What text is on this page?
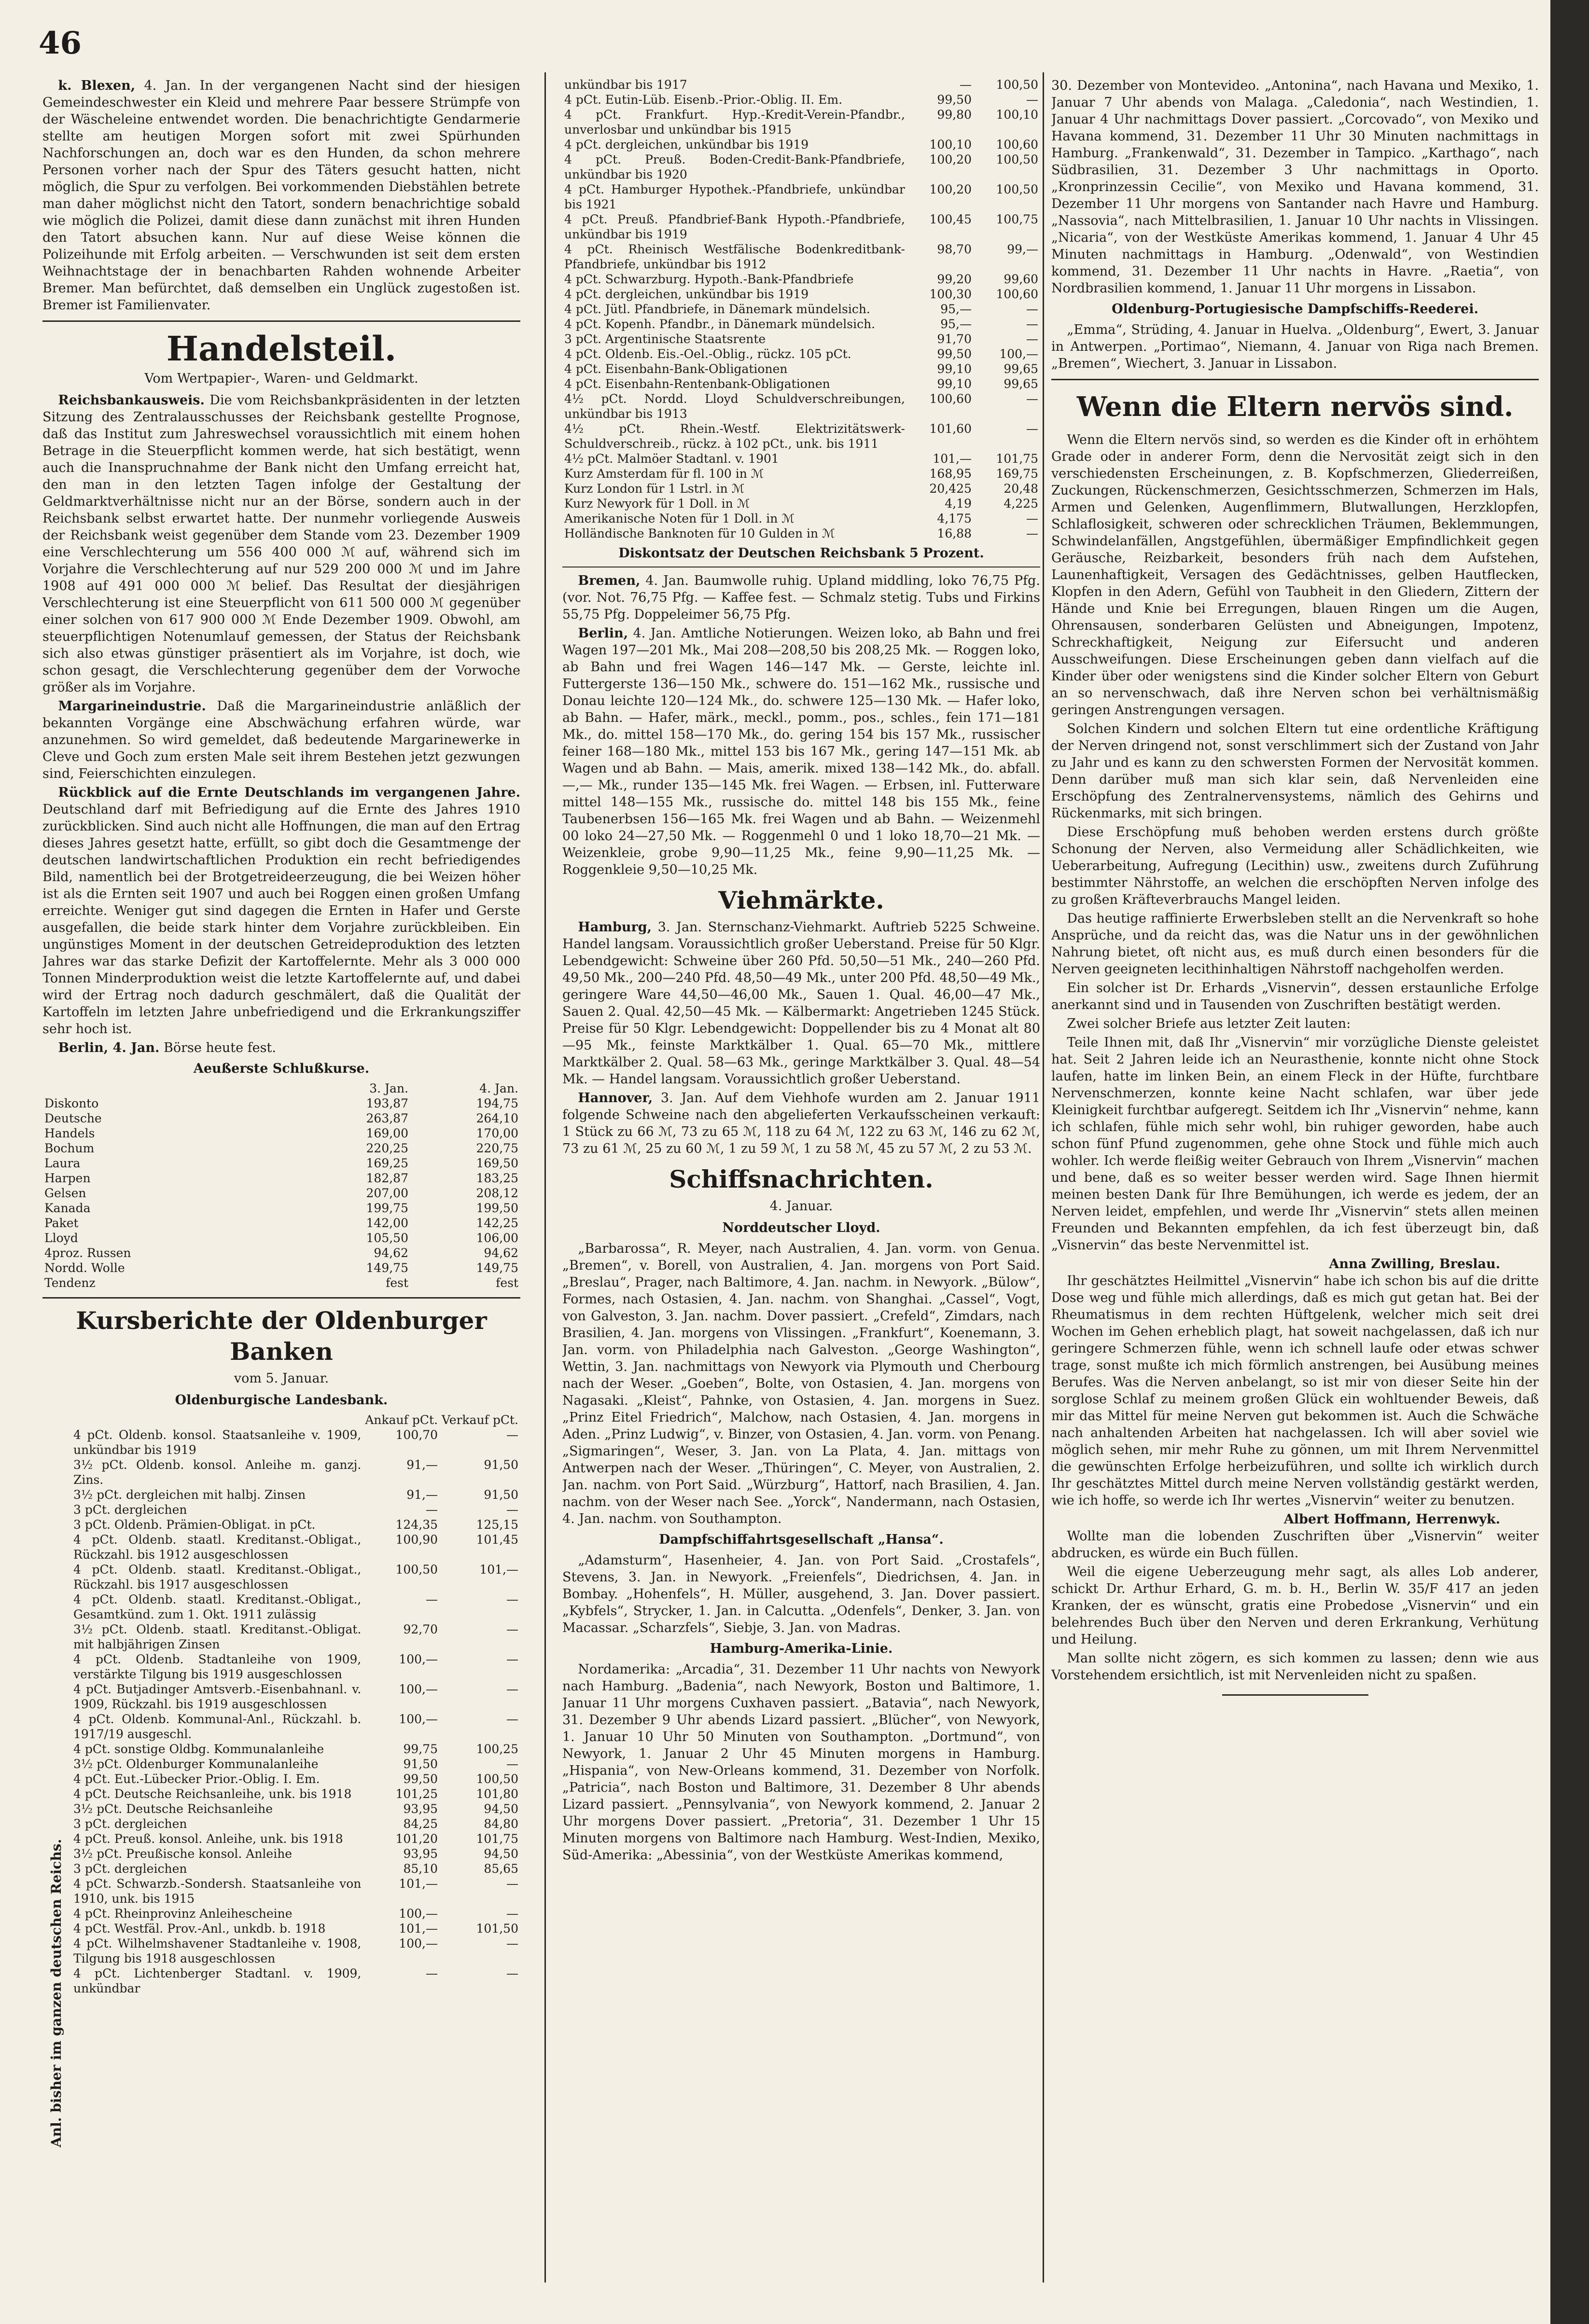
46

k. Blexen, 4. Jan. In der vergangenen Nacht sind der hiesigen Gemeindeschwester ein Kleid und mehrere Paar bessere Strümpfe von der Wäscheleine entwendet worden. Die benachrichtigte Gendarmerie stellte am heutigen Morgen sofort mit zwei Spürhunden Nachforschungen an, doch war es den Hunden, da schon mehrere Personen vorher nach der Spur des Täters gesucht hatten, nicht möglich, die Spur zu verfolgen. Bei vorkommenden Diebstählen betrete man daher möglichst nicht den Tatort, sondern benachrichtige sobald wie möglich die Polizei, damit diese dann zunächst mit ihren Hunden den Tatort absuchen kann. Nur auf diese Weise können die Polizeihunde mit Erfolg arbeiten. — Verschwunden ist seit dem ersten Weihnachtstage der in benachbarten Rahden wohnende Arbeiter Bremer. Man befürchtet, daß demselben ein Unglück zugestoßen ist. Bremer ist Familienvater.

Handelsteil.
Vom Wertpapier-, Waren- und Geldmarkt.

Reichsbankausweis. Die vom Reichsbankpräsidenten in der letzten Sitzung des Zentralausschusses der Reichsbank gestellte Prognose, daß das Institut zum Jahreswechsel voraussichtlich mit einem hohen Betrage in die Steuerpflicht kommen werde, hat sich bestätigt, wenn auch die Inanspruchnahme der Bank nicht den Umfang erreicht hat, den man in den letzten Tagen infolge der Gestaltung der Geldmarktverhältnisse nicht nur an der Börse, sondern auch in der Reichsbank selbst erwartet hatte. Der nunmehr vorliegende Ausweis der Reichsbank weist gegenüber dem Stande vom 23. Dezember 1909 eine Verschlechterung um 556 400 000 ℳ auf, während sich im Vorjahre die Verschlechterung auf nur 529 200 000 ℳ und im Jahre 1908 auf 491 000 000 ℳ belief. Das Resultat der diesjährigen Verschlechterung ist eine Steuerpflicht von 611 500 000 ℳ gegenüber einer solchen von 617 900 000 ℳ Ende Dezember 1909. Obwohl, am steuerpflichtigen Notenumlauf gemessen, der Status der Reichsbank sich also etwas günstiger präsentiert als im Vorjahre, ist doch, wie schon gesagt, die Verschlechterung gegenüber dem der Vorwoche größer als im Vorjahre.

Margarineindustrie. Daß die Margarineindustrie anläßlich der bekannten Vorgänge eine Abschwächung erfahren würde, war anzunehmen. So wird gemeldet, daß bedeutende Margarinewerke in Cleve und Goch zum ersten Male seit ihrem Bestehen jetzt gezwungen sind, Feierschichten einzulegen.

Rückblick auf die Ernte Deutschlands im vergangenen Jahre. Deutschland darf mit Befriedigung auf die Ernte des Jahres 1910 zurückblicken. Sind auch nicht alle Hoffnungen, die man auf den Ertrag dieses Jahres gesetzt hatte, erfüllt, so gibt doch die Gesamtmenge der deutschen landwirtschaftlichen Produktion ein recht befriedigendes Bild, namentlich bei der Brotgetreideerzeugung, die bei Weizen höher ist als die Ernten seit 1907 und auch bei Roggen einen großen Umfang erreichte. Weniger gut sind dagegen die Ernten in Hafer und Gerste ausgefallen, die beide stark hinter dem Vorjahre zurückbleiben. Ein ungünstiges Moment in der deutschen Getreideproduktion des letzten Jahres war das starke Defizit der Kartoffelernte. Mehr als 3 000 000 Tonnen Minderproduktion weist die letzte Kartoffelernte auf, und dabei wird der Ertrag noch dadurch geschmälert, daß die Qualität der Kartoffeln im letzten Jahre unbefriedigend und die Erkrankungsziffer sehr hoch ist.

Berlin, 4. Jan. Börse heute fest.

Aeußerste Schlußkurse.
	3. Jan.	4. Jan.
Diskonto	193,87	194,75
Deutsche	263,87	264,10
Handels	169,00	170,00
Bochum	220,25	220,75
Laura	169,25	169,50
Harpen	182,87	183,25
Gelsen	207,00	208,12
Kanada	199,75	199,50
Paket	142,00	142,25
Lloyd	105,50	106,00
4proz. Russen	94,62	94,62
Nordd. Wolle	149,75	149,75
Tendenz	fest	fest
Kursberichte der Oldenburger Banken
vom 5. Januar.
Oldenburgische Landesbank.
	Ankauf pCt.	Verkauf pCt.
4 pCt. Oldenb. konsol. Staatsanleihe v. 1909, unkündbar bis 1919	100,70	—
3½ pCt. Oldenb. konsol. Anleihe m. ganzj. Zins.	91,—	91,50
3½ pCt. dergleichen mit halbj. Zinsen	91,—	91,50
3 pCt. dergleichen	—	—
3 pCt. Oldenb. Prämien-Obligat. in pCt.	124,35	125,15
4 pCt. Oldenb. staatl. Kreditanst.-Obligat., Rückzahl. bis 1912 ausgeschlossen	100,90	101,45
4 pCt. Oldenb. staatl. Kreditanst.-Obligat., Rückzahl. bis 1917 ausgeschlossen	100,50	101,—
4 pCt. Oldenb. staatl. Kreditanst.-Obligat., Gesamtkünd. zum 1. Okt. 1911 zulässig	—	—
3½ pCt. Oldenb. staatl. Kreditanst.-Obligat. mit halbjährigen Zinsen	92,70	—
4 pCt. Oldenb. Stadtanleihe von 1909, verstärkte Tilgung bis 1919 ausgeschlossen	100,—	—
4 pCt. Butjadinger Amtsverb.-Eisenbahnanl. v. 1909, Rückzahl. bis 1919 ausgeschlossen	100,—	—
4 pCt. Oldenb. Kommunal-Anl., Rückzahl. b. 1917/19 ausgeschl.	100,—	—
4 pCt. sonstige Oldbg. Kommunalanleihe	99,75	100,25
3½ pCt. Oldenburger Kommunalanleihe	91,50	—
4 pCt. Eut.-Lübecker Prior.-Oblig. I. Em.	99,50	100,50
4 pCt. Deutsche Reichsanleihe, unk. bis 1918	101,25	101,80
3½ pCt. Deutsche Reichsanleihe	93,95	94,50
3 pCt. dergleichen	84,25	84,80
4 pCt. Preuß. konsol. Anleihe, unk. bis 1918	101,20	101,75
3½ pCt. Preußische konsol. Anleihe	93,95	94,50
3 pCt. dergleichen	85,10	85,65
4 pCt. Schwarzb.-Sondersh. Staatsanleihe von 1910, unk. bis 1915	101,—	—
4 pCt. Rheinprovinz Anleihescheine	100,—	—
4 pCt. Westfäl. Prov.-Anl., unkdb. b. 1918	101,—	101,50
4 pCt. Wilhelmshavener Stadtanleihe v. 1908, Tilgung bis 1918 ausgeschlossen	100,—	—
4 pCt. Lichtenberger Stadtanl. v. 1909, unkündbar	—	—
Anl. bisher im ganzen deutschen Reichs.
unkündbar bis 1917	—	100,50
4 pCt. Eutin-Lüb. Eisenb.-Prior.-Oblig. II. Em.	99,50	—
4 pCt. Frankfurt. Hyp.-Kredit-Verein-Pfandbr., unverlosbar und unkündbar bis 1915	99,80	100,10
4 pCt. dergleichen, unkündbar bis 1919	100,10	100,60
4 pCt. Preuß. Boden-Credit-Bank-Pfandbriefe, unkündbar bis 1920	100,20	100,50
4 pCt. Hamburger Hypothek.-Pfandbriefe, unkündbar bis 1921	100,20	100,50
4 pCt. Preuß. Pfandbrief-Bank Hypoth.-Pfandbriefe, unkündbar bis 1919	100,45	100,75
4 pCt. Rheinisch Westfälische Bodenkreditbank-Pfandbriefe, unkündbar bis 1912	98,70	99,—
4 pCt. Schwarzburg. Hypoth.-Bank-Pfandbriefe	99,20	99,60
4 pCt. dergleichen, unkündbar bis 1919	100,30	100,60
4 pCt. Jütl. Pfandbriefe, in Dänemark mündelsich.	95,—	—
4 pCt. Kopenh. Pfandbr., in Dänemark mündelsich.	95,—	—
3 pCt. Argentinische Staatsrente	91,70	—
4 pCt. Oldenb. Eis.-Oel.-Oblig., rückz. 105 pCt.	99,50	100,—
4 pCt. Eisenbahn-Bank-Obligationen	99,10	99,65
4 pCt. Eisenbahn-Rentenbank-Obligationen	99,10	99,65
4½ pCt. Nordd. Lloyd Schuldverschreibungen, unkündbar bis 1913	100,60	—
4½ pCt. Rhein.-Westf. Elektrizitätswerk-Schuldverschreib., rückz. à 102 pCt., unk. bis 1911	101,60	—
4½ pCt. Malmöer Stadtanl. v. 1901	101,—	101,75
Kurz Amsterdam für fl. 100 in ℳ	168,95	169,75
Kurz London für 1 Lstrl. in ℳ	20,425	20,48
Kurz Newyork für 1 Doll. in ℳ	4,19	4,225
Amerikanische Noten für 1 Doll. in ℳ	4,175	—
Holländische Banknoten für 10 Gulden in ℳ	16,88	—
Diskontsatz der Deutschen Reichsbank 5 Prozent.

Bremen, 4. Jan. Baumwolle ruhig. Upland middling, loko 76,75 Pfg. (vor. Not. 76,75 Pfg. — Kaffee fest. — Schmalz stetig. Tubs und Firkins 55,75 Pfg. Doppeleimer 56,75 Pfg.

Berlin, 4. Jan. Amtliche Notierungen. Weizen loko, ab Bahn und frei Wagen 197—201 Mk., Mai 208—208,50 bis 208,25 Mk. — Roggen loko, ab Bahn und frei Wagen 146—147 Mk. — Gerste, leichte inl. Futtergerste 136—150 Mk., schwere do. 151—162 Mk., russische und Donau leichte 120—124 Mk., do. schwere 125—130 Mk. — Hafer loko, ab Bahn. — Hafer, märk., meckl., pomm., pos., schles., fein 171—181 Mk., do. mittel 158—170 Mk., do. gering 154 bis 157 Mk., russischer feiner 168—180 Mk., mittel 153 bis 167 Mk., gering 147—151 Mk. ab Wagen und ab Bahn. — Mais, amerik. mixed 138—142 Mk., do. abfall. —,— Mk., runder 135—145 Mk. frei Wagen. — Erbsen, inl. Futterware mittel 148—155 Mk., russische do. mittel 148 bis 155 Mk., feine Taubenerbsen 156—165 Mk. frei Wagen und ab Bahn. — Weizenmehl 00 loko 24—27,50 Mk. — Roggenmehl 0 und 1 loko 18,70—21 Mk. — Weizenkleie, grobe 9,90—11,25 Mk., feine 9,90—11,25 Mk. — Roggenkleie 9,50—10,25 Mk.

Viehmärkte.

Hamburg, 3. Jan. Sternschanz-Viehmarkt. Auftrieb 5225 Schweine. Handel langsam. Voraussichtlich großer Ueberstand. Preise für 50 Klgr. Lebendgewicht: Schweine über 260 Pfd. 50,50—51 Mk., 240—260 Pfd. 49,50 Mk., 200—240 Pfd. 48,50—49 Mk., unter 200 Pfd. 48,50—49 Mk., geringere Ware 44,50—46,00 Mk., Sauen 1. Qual. 46,00—47 Mk., Sauen 2. Qual. 42,50—45 Mk. — Kälbermarkt: Angetrieben 1245 Stück. Preise für 50 Klgr. Lebendgewicht: Doppellender bis zu 4 Monat alt 80—95 Mk., feinste Marktkälber 1. Qual. 65—70 Mk., mittlere Marktkälber 2. Qual. 58—63 Mk., geringe Marktkälber 3. Qual. 48—54 Mk. — Handel langsam. Voraussichtlich großer Ueberstand.

Hannover, 3. Jan. Auf dem Viehhofe wurden am 2. Januar 1911 folgende Schweine nach den abgelieferten Verkaufsscheinen verkauft: 1 Stück zu 66 ℳ, 73 zu 65 ℳ, 118 zu 64 ℳ, 122 zu 63 ℳ, 146 zu 62 ℳ, 73 zu 61 ℳ, 25 zu 60 ℳ, 1 zu 59 ℳ, 1 zu 58 ℳ, 45 zu 57 ℳ, 2 zu 53 ℳ.

Schiffsnachrichten.
4. Januar.
Norddeutscher Lloyd.

„Barbarossa“, R. Meyer, nach Australien, 4. Jan. vorm. von Genua. „Bremen“, v. Borell, von Australien, 4. Jan. morgens von Port Said. „Breslau“, Prager, nach Baltimore, 4. Jan. nachm. in Newyork. „Bülow“, Formes, nach Ostasien, 4. Jan. nachm. von Shanghai. „Cassel“, Vogt, von Galveston, 3. Jan. nachm. Dover passiert. „Crefeld“, Zimdars, nach Brasilien, 4. Jan. morgens von Vlissingen. „Frankfurt“, Koenemann, 3. Jan. vorm. von Philadelphia nach Galveston. „George Washington“, Wettin, 3. Jan. nachmittags von Newyork via Plymouth und Cherbourg nach der Weser. „Goeben“, Bolte, von Ostasien, 4. Jan. morgens von Nagasaki. „Kleist“, Pahnke, von Ostasien, 4. Jan. morgens in Suez. „Prinz Eitel Friedrich“, Malchow, nach Ostasien, 4. Jan. morgens in Aden. „Prinz Ludwig“, v. Binzer, von Ostasien, 4. Jan. vorm. von Penang. „Sigmaringen“, Weser, 3. Jan. von La Plata, 4. Jan. mittags von Antwerpen nach der Weser. „Thüringen“, C. Meyer, von Australien, 2. Jan. nachm. von Port Said. „Würzburg“, Hattorf, nach Brasilien, 4. Jan. nachm. von der Weser nach See. „Yorck“, Nandermann, nach Ostasien, 4. Jan. nachm. von Southampton.

Dampfschiffahrtsgesellschaft „Hansa“.

„Adamsturm“, Hasenheier, 4. Jan. von Port Said. „Crostafels“, Stevens, 3. Jan. in Newyork. „Freienfels“, Diedrichsen, 4. Jan. in Bombay. „Hohenfels“, H. Müller, ausgehend, 3. Jan. Dover passiert. „Kybfels“, Strycker, 1. Jan. in Calcutta. „Odenfels“, Denker, 3. Jan. von Macassar. „Scharzfels“, Siebje, 3. Jan. von Madras.

Hamburg-Amerika-Linie.

Nordamerika: „Arcadia“, 31. Dezember 11 Uhr nachts von Newyork nach Hamburg. „Badenia“, nach Newyork, Boston und Baltimore, 1. Januar 11 Uhr morgens Cuxhaven passiert. „Batavia“, nach Newyork, 31. Dezember 9 Uhr abends Lizard passiert. „Blücher“, von Newyork, 1. Januar 10 Uhr 50 Minuten von Southampton. „Dortmund“, von Newyork, 1. Januar 2 Uhr 45 Minuten morgens in Hamburg. „Hispania“, von New-Orleans kommend, 31. Dezember von Norfolk. „Patricia“, nach Boston und Baltimore, 31. Dezember 8 Uhr abends Lizard passiert. „Pennsylvania“, von Newyork kommend, 2. Januar 2 Uhr morgens Dover passiert. „Pretoria“, 31. Dezember 1 Uhr 15 Minuten morgens von Baltimore nach Hamburg. West-Indien, Mexiko, Süd-Amerika: „Abessinia“, von der Westküste Amerikas kommend,

30. Dezember von Montevideo. „Antonina“, nach Havana und Mexiko, 1. Januar 7 Uhr abends von Malaga. „Caledonia“, nach Westindien, 1. Januar 4 Uhr nachmittags Dover passiert. „Corcovado“, von Mexiko und Havana kommend, 31. Dezember 11 Uhr 30 Minuten nachmittags in Hamburg. „Frankenwald“, 31. Dezember in Tampico. „Karthago“, nach Südbrasilien, 31. Dezember 3 Uhr nachmittags in Oporto. „Kronprinzessin Cecilie“, von Mexiko und Havana kommend, 31. Dezember 11 Uhr morgens von Santander nach Havre und Hamburg. „Nassovia“, nach Mittelbrasilien, 1. Januar 10 Uhr nachts in Vlissingen. „Nicaria“, von der Westküste Amerikas kommend, 1. Januar 4 Uhr 45 Minuten nachmittags in Hamburg. „Odenwald“, von Westindien kommend, 31. Dezember 11 Uhr nachts in Havre. „Raetia“, von Nordbrasilien kommend, 1. Januar 11 Uhr morgens in Lissabon.

Oldenburg-Portugiesische Dampfschiffs-Reederei.

„Emma“, Strüding, 4. Januar in Huelva. „Oldenburg“, Ewert, 3. Januar in Antwerpen. „Portimao“, Niemann, 4. Januar von Riga nach Bremen. „Bremen“, Wiechert, 3. Januar in Lissabon.

Wenn die Eltern nervös sind.

Wenn die Eltern nervös sind, so werden es die Kinder oft in erhöhtem Grade oder in anderer Form, denn die Nervosität zeigt sich in den verschiedensten Erscheinungen, z. B. Kopfschmerzen, Gliederreißen, Zuckungen, Rückenschmerzen, Gesichtsschmerzen, Schmerzen im Hals, Armen und Gelenken, Augenflimmern, Blutwallungen, Herzklopfen, Schlaflosigkeit, schweren oder schrecklichen Träumen, Beklemmungen, Schwindelanfällen, Angstgefühlen, übermäßiger Empfindlichkeit gegen Geräusche, Reizbarkeit, besonders früh nach dem Aufstehen, Launenhaftigkeit, Versagen des Gedächtnisses, gelben Hautflecken, Klopfen in den Adern, Gefühl von Taubheit in den Gliedern, Zittern der Hände und Knie bei Erregungen, blauen Ringen um die Augen, Ohrensausen, sonderbaren Gelüsten und Abneigungen, Impotenz, Schreckhaftigkeit, Neigung zur Eifersucht und anderen Ausschweifungen. Diese Erscheinungen geben dann vielfach auf die Kinder über oder wenigstens sind die Kinder solcher Eltern von Geburt an so nervenschwach, daß ihre Nerven schon bei verhältnismäßig geringen Anstrengungen versagen.

Solchen Kindern und solchen Eltern tut eine ordentliche Kräftigung der Nerven dringend not, sonst verschlimmert sich der Zustand von Jahr zu Jahr und es kann zu den schwersten Formen der Nervosität kommen. Denn darüber muß man sich klar sein, daß Nervenleiden eine Erschöpfung des Zentralnervensystems, nämlich des Gehirns und Rückenmarks, mit sich bringen.

Diese Erschöpfung muß behoben werden erstens durch größte Schonung der Nerven, also Vermeidung aller Schädlichkeiten, wie Ueberarbeitung, Aufregung (Lecithin) usw., zweitens durch Zuführung bestimmter Nährstoffe, an welchen die erschöpften Nerven infolge des zu großen Kräfteverbrauchs Mangel leiden.

Das heutige raffinierte Erwerbsleben stellt an die Nervenkraft so hohe Ansprüche, und da reicht das, was die Natur uns in der gewöhnlichen Nahrung bietet, oft nicht aus, es muß durch einen besonders für die Nerven geeigneten lecithinhaltigen Nährstoff nachgeholfen werden.

Ein solcher ist Dr. Erhards „Visnervin“, dessen erstaunliche Erfolge anerkannt sind und in Tausenden von Zuschriften bestätigt werden.

Zwei solcher Briefe aus letzter Zeit lauten:

Teile Ihnen mit, daß Ihr „Visnervin“ mir vorzügliche Dienste geleistet hat. Seit 2 Jahren leide ich an Neurasthenie, konnte nicht ohne Stock laufen, hatte im linken Bein, an einem Fleck in der Hüfte, furchtbare Nervenschmerzen, konnte keine Nacht schlafen, war über jede Kleinigkeit furchtbar aufgeregt. Seitdem ich Ihr „Visnervin“ nehme, kann ich schlafen, fühle mich sehr wohl, bin ruhiger geworden, habe auch schon fünf Pfund zugenommen, gehe ohne Stock und fühle mich auch wohler. Ich werde fleißig weiter Gebrauch von Ihrem „Visnervin“ machen und bene, daß es so weiter besser werden wird. Sage Ihnen hiermit meinen besten Dank für Ihre Bemühungen, ich werde es jedem, der an Nerven leidet, empfehlen, und werde Ihr „Visnervin“ stets allen meinen Freunden und Bekannten empfehlen, da ich fest überzeugt bin, daß „Visnervin“ das beste Nervenmittel ist.

Anna Zwilling, Breslau.

Ihr geschätztes Heilmittel „Visnervin“ habe ich schon bis auf die dritte Dose weg und fühle mich allerdings, daß es mich gut getan hat. Bei der Rheumatismus in dem rechten Hüftgelenk, welcher mich seit drei Wochen im Gehen erheblich plagt, hat soweit nachgelassen, daß ich nur geringere Schmerzen fühle, wenn ich schnell laufe oder etwas schwer trage, sonst mußte ich mich förmlich anstrengen, bei Ausübung meines Berufes. Was die Nerven anbelangt, so ist mir von dieser Seite hin der sorglose Schlaf zu meinem großen Glück ein wohltuender Beweis, daß mir das Mittel für meine Nerven gut bekommen ist. Auch die Schwäche nach anhaltenden Arbeiten hat nachgelassen. Ich will aber soviel wie möglich sehen, mir mehr Ruhe zu gönnen, um mit Ihrem Nervenmittel die gewünschten Erfolge herbeizuführen, und sollte ich wirklich durch Ihr geschätztes Mittel durch meine Nerven vollständig gestärkt werden, wie ich hoffe, so werde ich Ihr wertes „Visnervin“ weiter zu benutzen.

Albert Hoffmann, Herrenwyk.

Wollte man die lobenden Zuschriften über „Visnervin“ weiter abdrucken, es würde ein Buch füllen.

Weil die eigene Ueberzeugung mehr sagt, als alles Lob anderer, schickt Dr. Arthur Erhard, G. m. b. H., Berlin W. 35/F 417 an jeden Kranken, der es wünscht, gratis eine Probedose „Visnervin“ und ein belehrendes Buch über den Nerven und deren Erkrankung, Verhütung und Heilung.

Man sollte nicht zögern, es sich kommen zu lassen; denn wie aus Vorstehendem ersichtlich, ist mit Nervenleiden nicht zu spaßen.
